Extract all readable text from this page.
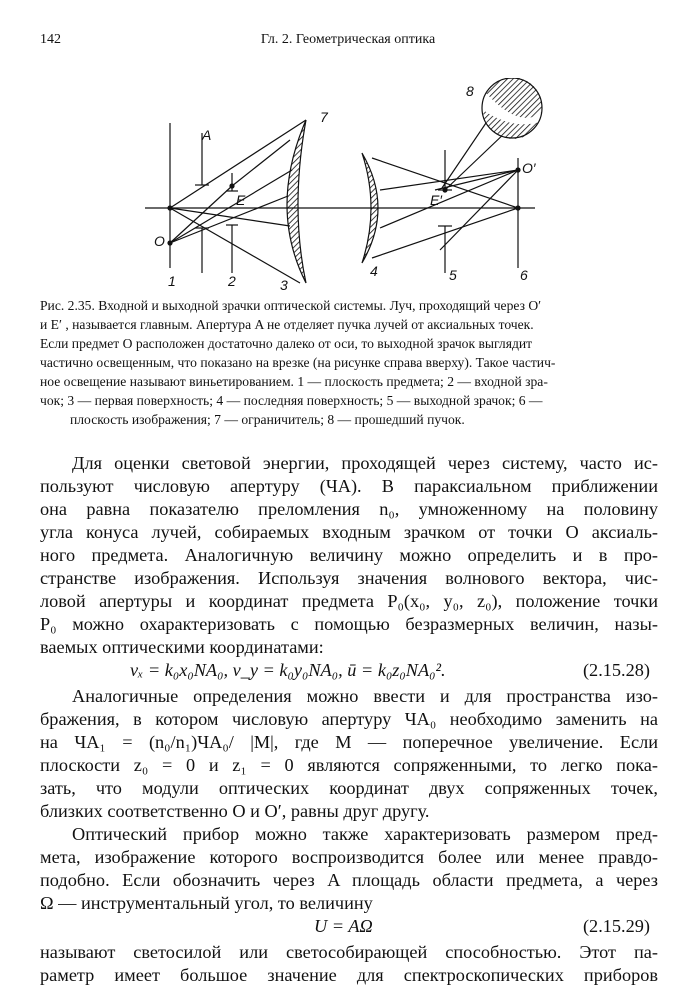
142	Гл. 2. Геометрическая оптика
A
E
O
E′
O′
1	2	3
4	5	6
7
8
Рис. 2.35. Входной и выходной зрачки оптической системы. Луч, проходящий через O′
и E′ , называется главным. Апертура A не отделяет пучка лучей от аксиальных точек.
Если предмет O расположен достаточно далеко от оси, то выходной зрачок выглядит
частично освещенным, что показано на врезке (на рисунке справа вверху). Такое частич-
ное освещение называют виньетированием. 1 — плоскость предмета; 2 — входной зра-
чок; 3 — первая поверхность; 4 — последняя поверхность; 5 — выходной зрачок; 6 —
плоскость изображения; 7 — ограничитель; 8 — прошедший пучок.
Для оценки световой энергии, проходящей через систему, часто ис-
пользуют числовую апертуру (ЧА). В параксиальном приближении
она равна показателю преломления n₀, умноженному на половину
угла конуса лучей, собираемых входным зрачком от точки O аксиаль-
ного предмета. Аналогичную величину можно определить и в про-
странстве изображения. Используя значения волнового вектора, чис-
ловой апертуры и координат предмета P₀(x₀, y₀, z₀), положение точки
P₀ можно охарактеризовать с помощью безразмерных величин, назы-
ваемых оптическими координатами:
vₓ = k₀x₀NA₀, v_y = k₀y₀NA₀, ū = k₀z₀NA₀².	(2.15.28)
Аналогичные определения можно ввести и для пространства изо-
бражения, в котором числовую апертуру ЧА₀ необходимо заменить на
на ЧА₁ = (n₀/n₁)ЧА₀/ |M|, где M — поперечное увеличение. Если
плоскости z₀ = 0 и z₁ = 0 являются сопряженными, то легко пока-
зать, что модули оптических координат двух сопряженных точек,
близких соответственно O и O′, равны друг другу.
Оптический прибор можно также характеризовать размером пред-
мета, изображение которого воспроизводится более или менее правдо-
подобно. Если обозначить через A площадь области предмета, а через
Ω — инструментальный угол, то величину
U = AΩ	(2.15.29)
называют светосилой или светособирающей способностью. Этот па-
раметр имеет большое значение для спектроскопических приборов
